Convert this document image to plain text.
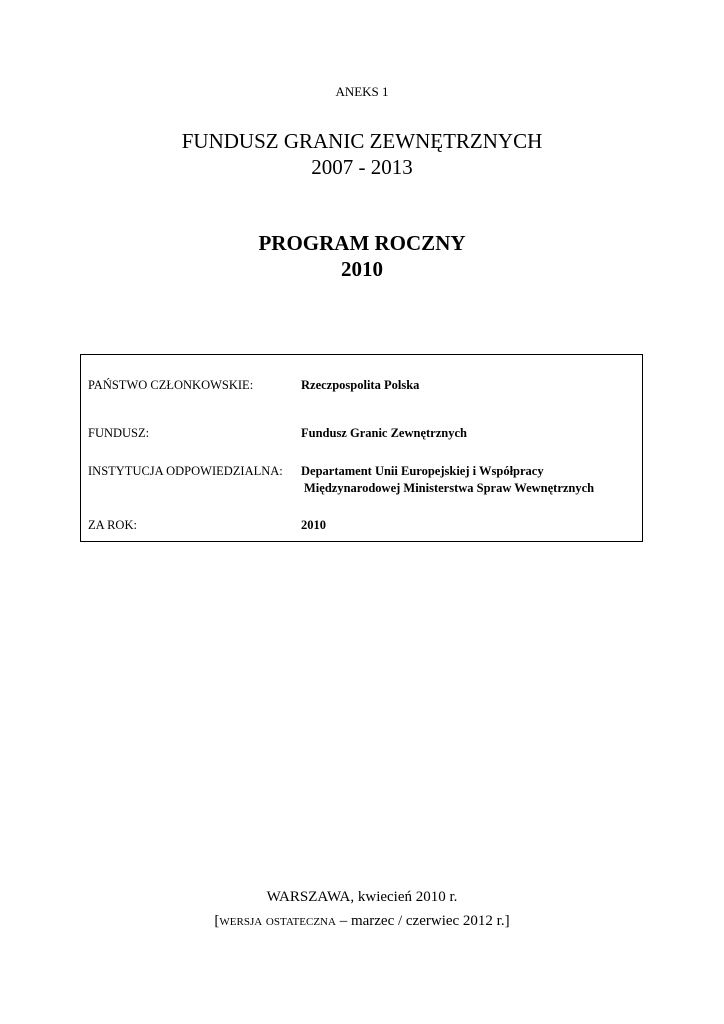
ANEKS 1
FUNDUSZ GRANIC ZEWNĘTRZNYCH
2007 - 2013
PROGRAM ROCZNY
2010
PAŃSTWO CZŁONKOWSKIE:	Rzeczpospolita Polska
FUNDUSZ:	Fundusz Granic Zewnętrznych
INSTYTUCJA ODPOWIEDZIALNA: Departament Unii Europejskiej i Współpracy
Międzynarodowej Ministerstwa Spraw Wewnętrznych
ZA ROK:	2010
WARSZAWA, kwiecień 2010 r.
[wersja ostateczna – marzec / czerwiec 2012 r.]
